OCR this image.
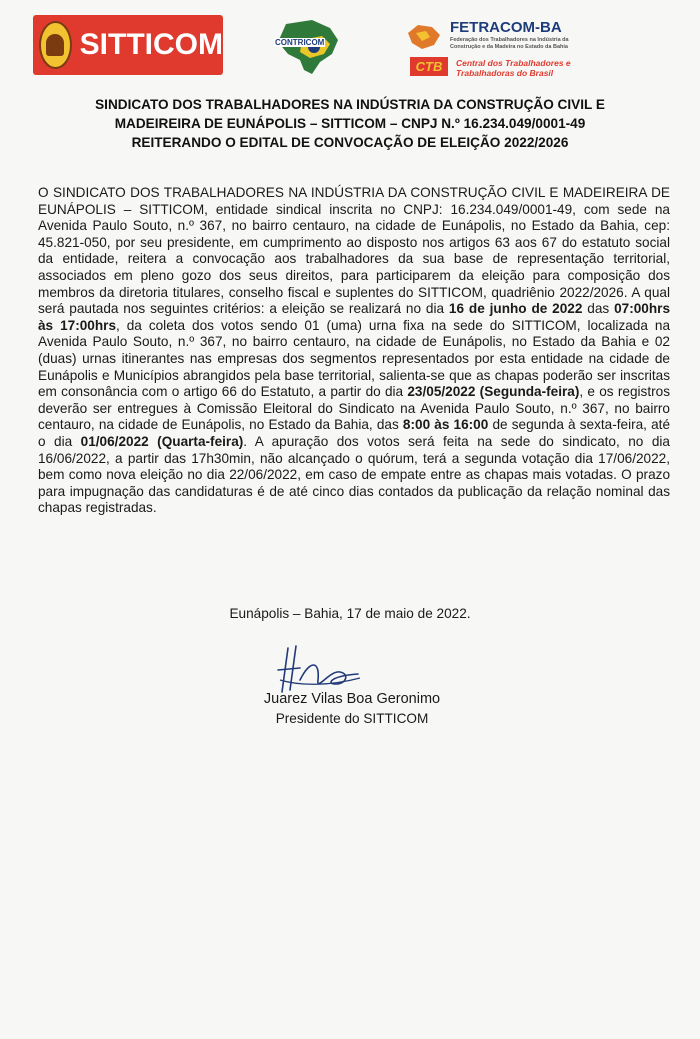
SITTICOM	CONTRICOM
FETRACOM-BA
Federação dos Trabalhadores na Indústria da Construção e da Madeira no Estado da Bahia
CTB	Central dos Trabalhadores e Trabalhadoras do Brasil
SINDICATO DOS TRABALHADORES NA INDÚSTRIA DA CONSTRUÇÃO CIVIL E
MADEIREIRA DE EUNÁPOLIS – SITTICOM – CNPJ N.º 16.234.049/0001-49
REITERANDO O EDITAL DE CONVOCAÇÃO DE ELEIÇÃO 2022/2026
O SINDICATO DOS TRABALHADORES NA INDÚSTRIA DA CONSTRUÇÃO CIVIL E MADEIREIRA DE EUNÁPOLIS – SITTICOM, entidade sindical inscrita no CNPJ: 16.234.049/0001-49, com sede na Avenida Paulo Souto, n.º 367, no bairro centauro, na cidade de Eunápolis, no Estado da Bahia, cep: 45.821-050, por seu presidente, em cumprimento ao disposto nos artigos 63 aos 67 do estatuto social da entidade, reitera a convocação aos trabalhadores da sua base de representação territorial, associados em pleno gozo dos seus direitos, para participarem da eleição para composição dos membros da diretoria titulares, conselho fiscal e suplentes do SITTICOM, quadriênio 2022/2026. A qual será pautada nos seguintes critérios: a eleição se realizará no dia 16 de junho de 2022 das 07:00hrs às 17:00hrs, da coleta dos votos sendo 01 (uma) urna fixa na sede do SITTICOM, localizada na Avenida Paulo Souto, n.º 367, no bairro centauro, na cidade de Eunápolis, no Estado da Bahia e 02 (duas) urnas itinerantes nas empresas dos segmentos representados por esta entidade na cidade de Eunápolis e Municípios abrangidos pela base territorial, salienta-se que as chapas poderão ser inscritas em consonância com o artigo 66 do Estatuto, a partir do dia 23/05/2022 (Segunda-feira), e os registros deverão ser entregues à Comissão Eleitoral do Sindicato na Avenida Paulo Souto, n.º 367, no bairro centauro, na cidade de Eunápolis, no Estado da Bahia, das 8:00 às 16:00 de segunda à sexta-feira, até o dia 01/06/2022 (Quarta-feira). A apuração dos votos será feita na sede do sindicato, no dia 16/06/2022, a partir das 17h30min, não alcançado o quórum, terá a segunda votação dia 17/06/2022, bem como nova eleição no dia 22/06/2022, em caso de empate entre as chapas mais votadas. O prazo para impugnação das candidaturas é de até cinco dias contados da publicação da relação nominal das chapas registradas.
Eunápolis – Bahia, 17 de maio de 2022.
Juarez Vilas Boa Geronimo
Presidente do SITTICOM
